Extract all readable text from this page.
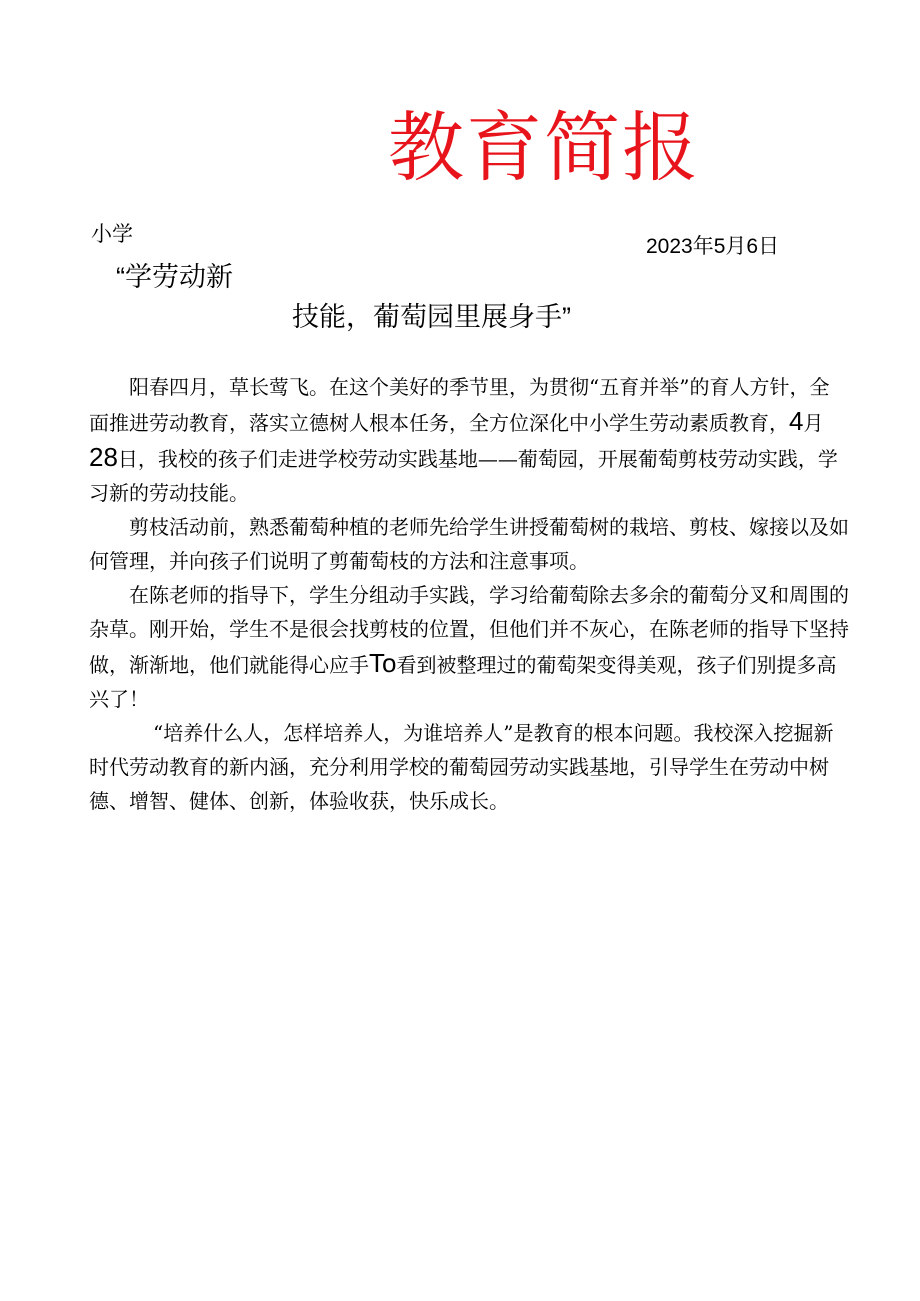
教育简报
小学
2023年5月6日
“学劳动新
技能，葡萄园里展身手”

阳春四月，草长莺飞。在这个美好的季节里，为贯彻“五育并举”的育人方针，全面推进劳动教育，落实立德树人根本任务，全方位深化中小学生劳动素质教育，4月28日，我校的孩子们走进学校劳动实践基地——葡萄园，开展葡萄剪枝劳动实践，学习新的劳动技能。

剪枝活动前，熟悉葡萄种植的老师先给学生讲授葡萄树的栽培、剪枝、嫁接以及如何管理，并向孩子们说明了剪葡萄枝的方法和注意事项。

在陈老师的指导下，学生分组动手实践，学习给葡萄除去多余的葡萄分叉和周围的杂草。刚开始，学生不是很会找剪枝的位置，但他们并不灰心，在陈老师的指导下坚持做，渐渐地，他们就能得心应手To看到被整理过的葡萄架变得美观，孩子们别提多高兴了！

“培养什么人，怎样培养人，为谁培养人”是教育的根本问题。我校深入挖掘新时代劳动教育的新内涵，充分利用学校的葡萄园劳动实践基地，引导学生在劳动中树德、增智、健体、创新，体验收获，快乐成长。
